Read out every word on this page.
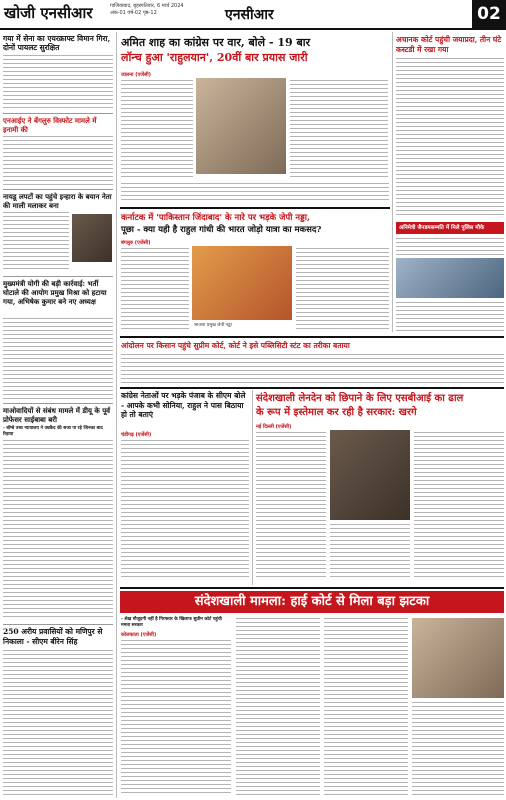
खोजी एनसीआर	गाजियाबाद, बृहस्पतिवार, 6 मार्च 2024
अंक-01 वर्ष-02 पृष्ठ-12	एनसीआर	02
गया में सेना का एयरक्राफ्ट विमान गिरा, दोनों पायलट सुरक्षित
एनआईए ने बेंगलुरु विस्फोट मामले में इनामी की
नायडू लपटों का पहुंचे इन्हारा के बयान नेता की माली मलाकर बना
मुख्यमंत्री योगी की बड़ी कार्रवाई: भर्ती घोटाले की आयोग प्रमुख मिश्रा को हटाया गया, अभिषेक कुमार बने नए अध्यक्ष
माओवादियों से संबंध मामले में डीयू के पूर्व प्रोफेसर साईबाबा बरी
- बॉम्बे उच्च न्यायालय ने उम्रकैद की सजा पा रहे जिनका बाद रिहाया
250 अरीय प्रवासियों को मणिपुर से निकाला - सीएम बीरेन सिंह
अमित शाह का कांग्रेस पर वार, बोले - 19 बार
लॉन्च हुआ 'राहुलयान', 20वीं बार प्रयास जारी
जालना (एजेंसी)
अचानक कोर्ट पहुंची जयाप्रदा, तीन घंटे कस्टडी में रखा गया
अनिमेत्री जैनडमसम्मति में मिले पुलिस मौके
कर्नाटक में 'पाकिस्तान जिंदाबाद' के नारे पर भड़के जेपी नड्डा,
पूछा - क्या यही है राहुल गांधी की भारत जोड़ो यात्रा का मकसद?
बंगलुरु (एजेंसी)
भाजपा प्रमुख जेपी नड्डा
आंदोलन पर किसान पहुंचे सुप्रीम कोर्ट, कोर्ट ने इसे पब्लिसिटी स्टंट का तरीका बताया
कांग्रेस नेताओं पर भड़के पंजाब के सीएम बोले - आपके कभी सोनिया, राहुल ने पास बिठाया हो तो बताएं
चंडीगढ़ (एजेंसी)
संदेशखाली लेनदेन को छिपाने के लिए एसबीआई का ढाल
के रूप में इस्तेमाल कर रही है सरकार: खरगे
नई दिल्ली (एजेंसी)
संदेशखाली मामला: हाई कोर्ट से मिला बड़ा झटका
- शेख़ मौजूदगी नहीं है गिरफ्तार के खिलाफ सुप्रीम कोर्ट पहुंची ममता सरकार
कोलकाता (एजेंसी)
